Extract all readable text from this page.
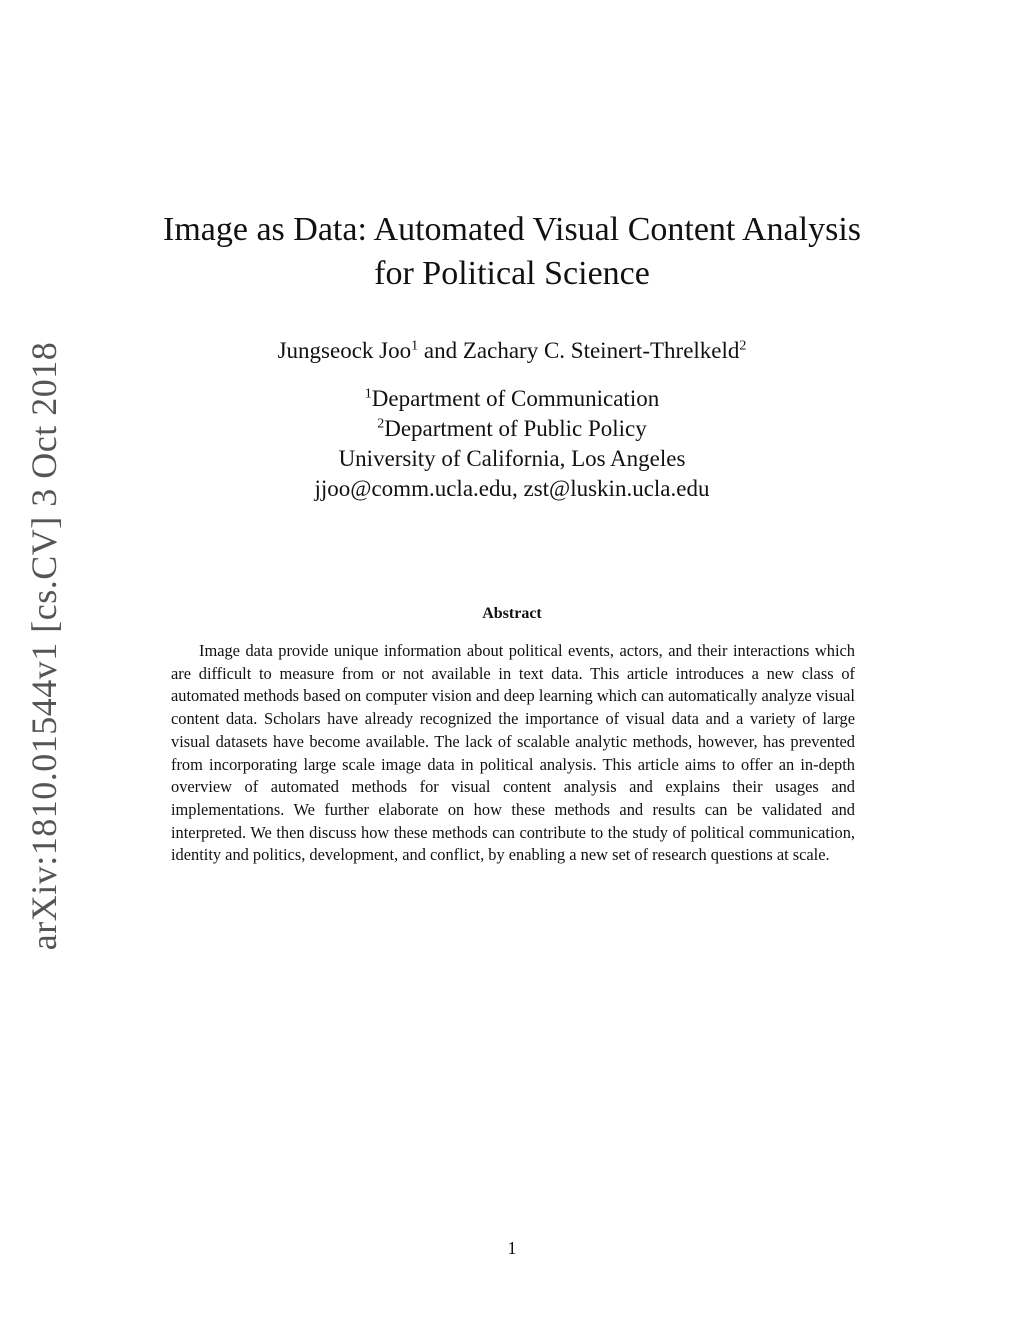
arXiv:1810.01544v1 [cs.CV] 3 Oct 2018
Image as Data: Automated Visual Content Analysis
for Political Science
Jungseock Joo$^1$ and Zachary C. Steinert-Threlkeld$^2$
$^1$Department of Communication
$^2$Department of Public Policy
University of California, Los Angeles
jjoo@comm.ucla.edu, zst@luskin.ucla.edu
Abstract

Image data provide unique information about political events, actors, and their interactions which are difficult to measure from or not available in text data. This article introduces a new class of automated methods based on computer vision and deep learning which can automatically analyze visual content data. Scholars have already recognized the importance of visual data and a variety of large visual datasets have become available. The lack of scalable analytic methods, however, has prevented from incorporating large scale image data in political analysis. This article aims to offer an in-depth overview of automated methods for visual content analysis and explains their usages and implementations. We further elaborate on how these methods and results can be validated and interpreted. We then discuss how these methods can contribute to the study of political communication, identity and politics, development, and conflict, by enabling a new set of research questions at scale.

1
